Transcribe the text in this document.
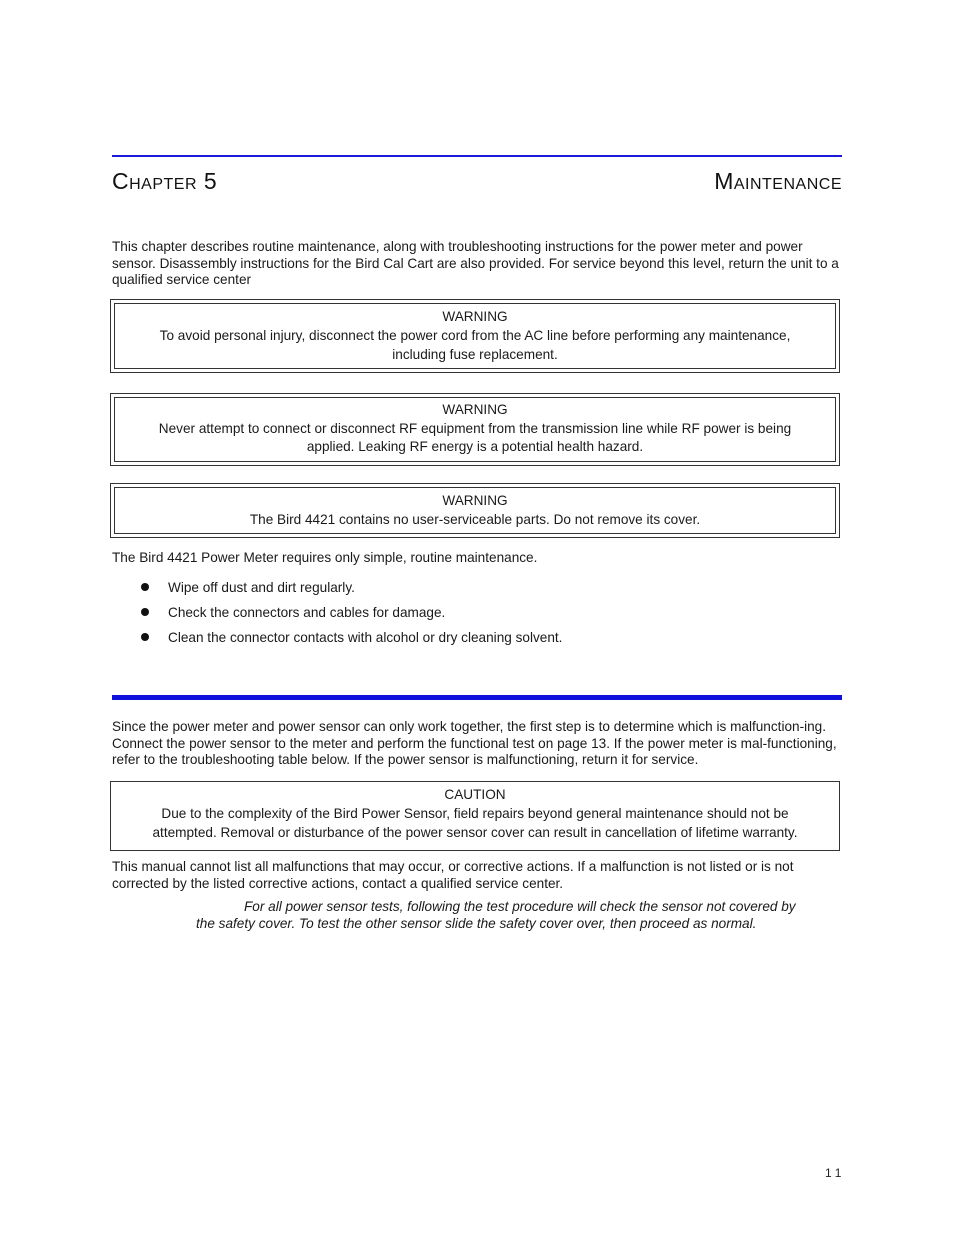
Chapter 5	Maintenance

This chapter describes routine maintenance, along with troubleshooting instructions for the power meter and power sensor. Disassembly instructions for the Bird Cal Cart are also provided. For service beyond this level, return the unit to a qualified service center

WARNING
To avoid personal injury, disconnect the power cord from the AC line before performing any maintenance, including fuse replacement.
WARNING
Never attempt to connect or disconnect RF equipment from the transmission line while RF power is being applied. Leaking RF energy is a potential health hazard.
WARNING
The Bird 4421 contains no user-serviceable parts. Do not remove its cover.

The Bird 4421 Power Meter requires only simple, routine maintenance.

Wipe off dust and dirt regularly.
Check the connectors and cables for damage.
Clean the connector contacts with alcohol or dry cleaning solvent.

Since the power meter and power sensor can only work together, the first step is to determine which is malfunction-ing. Connect the power sensor to the meter and perform the functional test on page 13. If the power meter is mal-functioning, refer to the troubleshooting table below. If the power sensor is malfunctioning, return it for service.

CAUTION
Due to the complexity of the Bird Power Sensor, field repairs beyond general maintenance should not be attempted. Removal or disturbance of the power sensor cover can result in cancellation of lifetime warranty.

This manual cannot list all malfunctions that may occur, or corrective actions. If a malfunction is not listed or is not corrected by the listed corrective actions, contact a qualified service center.

For all power sensor tests, following the test procedure will check the sensor not covered by the safety cover. To test the other sensor slide the safety cover over, then proceed as normal.

11
